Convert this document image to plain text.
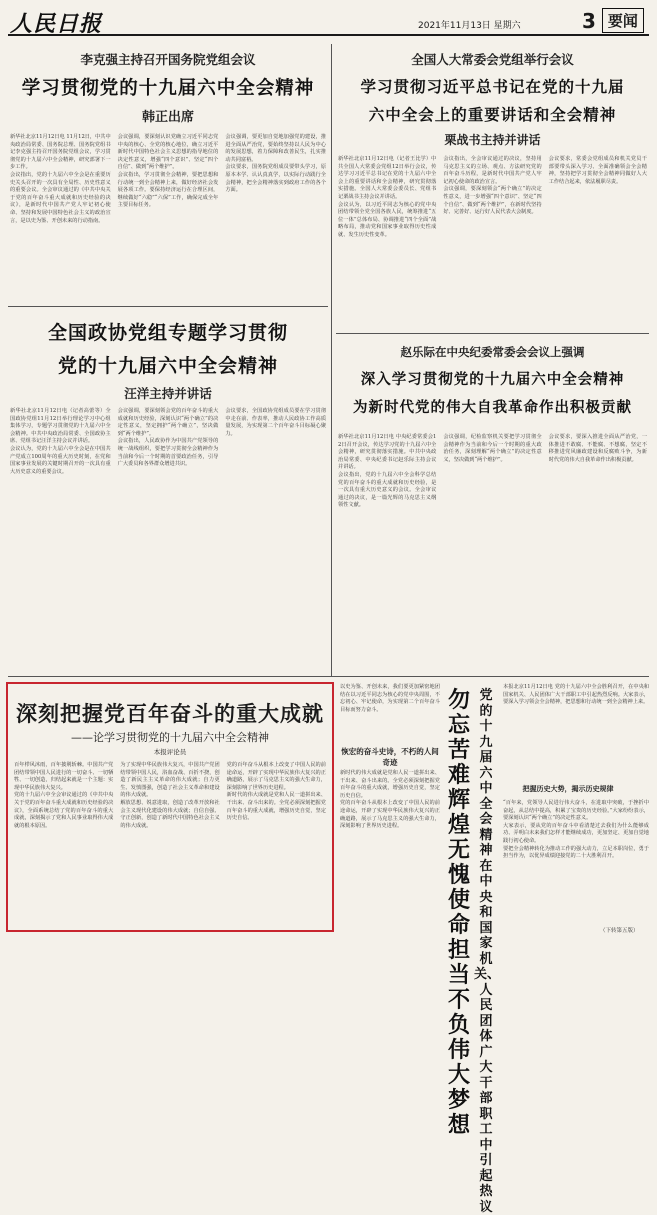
人民日报	2021年11月13日 星期六	3 要闻
李克强主持召开国务院党组会议
学习贯彻党的十九届六中全会精神
韩正出席

新华社北京11月12日电 11月12日，中共中央政治局常委、国务院总理、国务院党组书记李克强主持召开国务院党组会议，学习贯彻党的十九届六中全会精神，研究部署下一步工作。

会议指出，党的十九届六中全会是在重要历史关头召开的一次具有全局性、历史性意义的重要会议。全会审议通过的《中共中央关于党的百年奋斗重大成就和历史经验的决议》，是新时代中国共产党人牢记初心使命、坚持和发展中国特色社会主义的政治宣言，是以史为鉴、开创未来的行动指南。

会议强调，要深刻认识党确立习近平同志党中央的核心、全党的核心地位，确立习近平新时代中国特色社会主义思想的指导地位的决定性意义，增强“四个意识”、坚定“四个自信”、做到“两个维护”。

会议指出，学习贯彻全会精神，要把思想和行动统一到全会精神上来，做好经济社会发展各项工作。要保持经济运行在合理区间，继续做好“六稳”“六保”工作，确保完成全年主要目标任务。

会议强调，要更加自觉地加强党的建设，推进全面从严治党，要始终坚持以人民为中心的发展思想，着力保障和改善民生，扎实推动共同富裕。

会议要求，国务院党组成员要带头学习，原原本本学、认认真真学，以实际行动践行全会精神，把全会精神落实到政府工作的各个方面。

全国人大常委会党组举行会议
学习贯彻习近平总书记在党的十九届
六中全会上的重要讲话和全会精神
栗战书主持并讲话

新华社北京11月12日电（记者王比学）中共全国人大常委会党组12日举行会议，传达学习习近平总书记在党的十九届六中全会上的重要讲话和全会精神，研究贯彻落实措施。全国人大常委会委员长、党组书记栗战书主持会议并讲话。

会议认为，以习近平同志为核心的党中央团结带领全党全国各族人民，统筹推进“五位一体”总体布局、协调推进“四个全面”战略布局，推动党和国家事业取得历史性成就、发生历史性变革。

会议指出，全会审议通过的决议，坚持用马克思主义的立场、观点、方法研究党的百年奋斗历程，是新时代中国共产党人牢记初心使命的政治宣言。

会议强调，要深刻领会“两个确立”的决定性意义，进一步增强“四个意识”、坚定“四个自信”、做到“两个维护”，在新时代坚持好、完善好、运行好人民代表大会制度。

会议要求，常委会党组成员和机关党员干部要带头深入学习、全面准确领会全会精神，坚持把学习贯彻全会精神同做好人大工作结合起来，依法履职尽责。

全国政协党组专题学习贯彻
党的十九届六中全会精神
汪洋主持并讲话

新华社北京11月12日电（记者高蕾等）全国政协党组11月12日举行理论学习中心组集体学习，专题学习贯彻党的十九届六中全会精神。中共中央政治局常委、全国政协主席、党组书记汪洋主持会议并讲话。

会议认为，党的十九届六中全会是在中国共产党成立100周年的重大历史时刻，在党和国家事业发展的关键时期召开的一次具有重大历史意义的重要会议。

会议强调，要深刻领会党的百年奋斗的重大成就和历史经验，深刻认识“两个确立”的决定性意义，坚定拥护“两个确立”，坚决做到“两个维护”。

会议指出，人民政协作为中国共产党领导的统一战线组织，要把学习贯彻全会精神作为当前和今后一个时期的首要政治任务，引导广大委员和各界群众增进共识。

会议要求，全国政协党组成员要在学习贯彻中走在前、作表率，推动人民政协工作高质量发展，为实现第二个百年奋斗目标凝心聚力。

赵乐际在中央纪委常委会会议上强调
深入学习贯彻党的十九届六中全会精神
为新时代党的伟大自我革命作出积极贡献

新华社北京11月12日电 中央纪委常委会12日召开会议，传达学习党的十九届六中全会精神，研究贯彻落实措施。中共中央政治局常委、中央纪委书记赵乐际主持会议并讲话。

会议指出，党的十九届六中全会科学总结党的百年奋斗的重大成就和历史经验，是一次具有重大历史意义的会议。全会审议通过的决议，是一篇光辉的马克思主义纲领性文献。

会议强调，纪检监察机关要把学习贯彻全会精神作为当前和今后一个时期的重大政治任务，深刻理解“两个确立”的决定性意义，坚决做到“两个维护”。

会议要求，要深入推进全面从严治党，一体推进不敢腐、不能腐、不想腐，坚定不移推进党风廉政建设和反腐败斗争，为新时代党的伟大自我革命作出积极贡献。

深刻把握党百年奋斗的重大成就
——论学习贯彻党的十九届六中全会精神
本报评论员

百年栉风沐雨，百年披荆斩棘。中国共产党团结带领中国人民进行的一切奋斗、一切牺牲、一切创造，归结起来就是一个主题：实现中华民族伟大复兴。

党的十九届六中全会审议通过的《中共中央关于党的百年奋斗重大成就和历史经验的决议》，全面系统总结了党的百年奋斗的重大成就，深刻揭示了党和人民事业取得伟大成就的根本原因。

为了实现中华民族伟大复兴，中国共产党团结带领中国人民，浴血奋战、百折不挠，创造了新民主主义革命的伟大成就；自力更生、发愤图强，创造了社会主义革命和建设的伟大成就。

解放思想、锐意进取，创造了改革开放和社会主义现代化建设的伟大成就；自信自强、守正创新，创造了新时代中国特色社会主义的伟大成就。

党的百年奋斗从根本上改变了中国人民的前途命运，开辟了实现中华民族伟大复兴的正确道路，展示了马克思主义的强大生命力，深刻影响了世界历史进程。

新时代的伟大成就是党和人民一道拼出来、干出来、奋斗出来的。全党必须深刻把握党百年奋斗的重大成就，增强历史自觉，坚定历史自信。

以史为鉴、开创未来，我们要更加紧密地团结在以习近平同志为核心的党中央周围，不忘初心、牢记使命，为实现第二个百年奋斗目标而努力奋斗。

恢宏的奋斗史诗，不朽的人间奇迹

新时代的伟大成就是党和人民一道拼出来、干出来、奋斗出来的。全党必须深刻把握党百年奋斗的重大成就，增强历史自觉，坚定历史自信。

党的百年奋斗从根本上改变了中国人民的前途命运，开辟了实现中华民族伟大复兴的正确道路，展示了马克思主义的强大生命力，深刻影响了世界历史进程。

勿忘苦难辉煌 无愧使命担当 不负伟大梦想
党的十九届六中全会精神在中央和国家机关、人民团体广大干部职工中引起热议
把握历史大势，揭示历史规律

本报北京11月12日电 党的十九届六中全会胜利召开，在中央和国家机关、人民团体广大干部职工中引起热烈反响。大家表示，要深入学习领会全会精神，把思想和行动统一到全会精神上来。

“百年来，党领导人民进行伟大奋斗，在进取中突破，于挫折中奋起，从总结中提高，积累了宝贵的历史经验。”大家纷纷表示，要深刻认识“两个确立”的决定性意义。

大家表示，要从党的百年奋斗中看清楚过去我们为什么能够成功、弄明白未来我们怎样才能继续成功，更加坚定、更加自觉地践行初心使命。

要把全会精神转化为推动工作的强大动力，立足本职岗位，勇于担当作为，以优异成绩迎接党的二十大胜利召开。

（下转第五版）
